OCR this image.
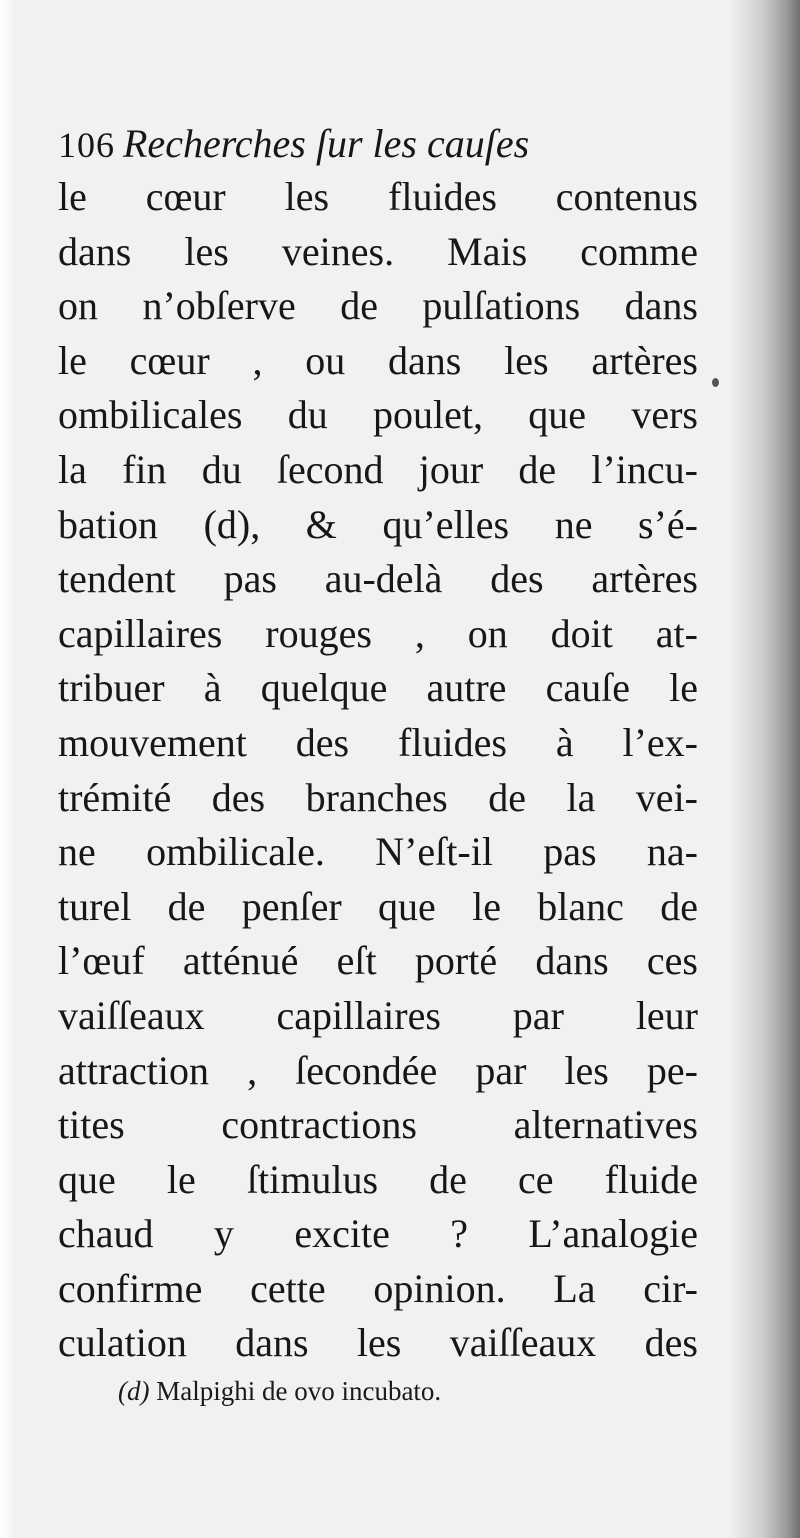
106 Recherches ſur les cauſes
le cœur les fluides contenus
dans les veines. Mais comme
on n’obſerve de pulſations dans
le cœur , ou dans les artères
ombilicales du poulet, que vers
la fin du ſecond jour de l’incu-
bation (d), & qu’elles ne s’é-
tendent pas au-delà des artères
capillaires rouges , on doit at-
tribuer à quelque autre cauſe le
mouvement des fluides à l’ex-
trémité des branches de la vei-
ne ombilicale. N’eſt-il pas na-
turel de penſer que le blanc de
l’œuf atténué eſt porté dans ces
vaiſſeaux capillaires par leur
attraction , ſecondée par les pe-
tites contractions alternatives
que le ſtimulus de ce fluide
chaud y excite ? L’analogie
confirme cette opinion. La cir-
culation dans les vaiſſeaux des
(d) Malpighi de ovo incubato.
